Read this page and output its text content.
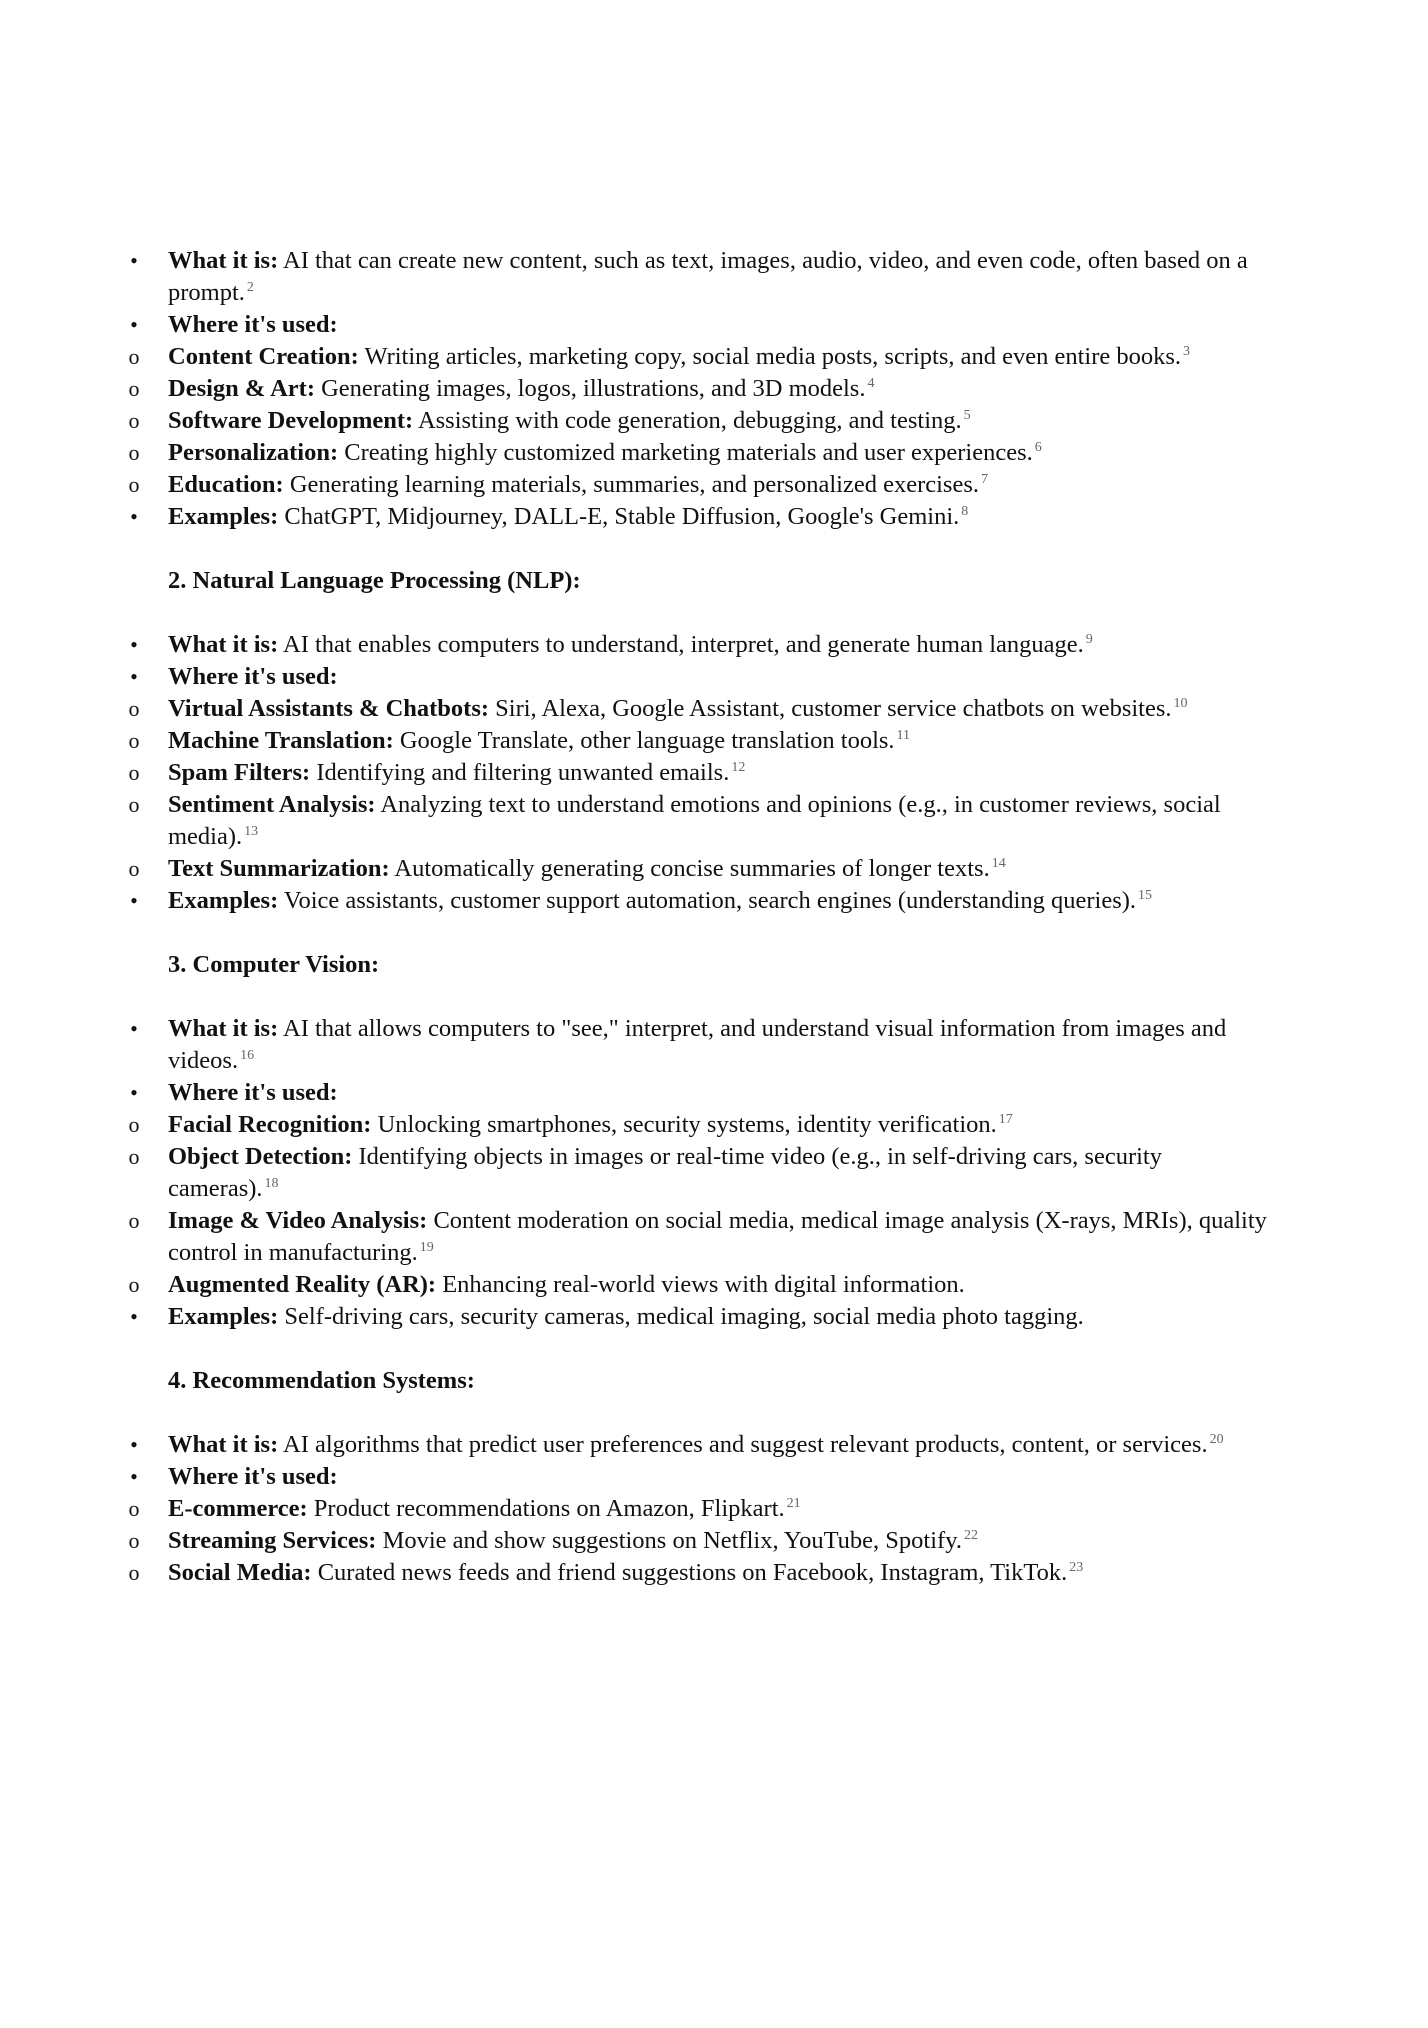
•
What it is: AI that can create new content, such as text, images, audio, video, and even code, often based on a prompt. $^2$
•
Where it's used:
o
Content Creation: Writing articles, marketing copy, social media posts, scripts, and even entire books. $^3$
o
Design & Art: Generating images, logos, illustrations, and 3D models. $^4$
o
Software Development: Assisting with code generation, debugging, and testing. $^5$
o
Personalization: Creating highly customized marketing materials and user experiences. $^6$
o
Education: Generating learning materials, summaries, and personalized exercises. $^7$
•
Examples: ChatGPT, Midjourney, DALL-E, Stable Diffusion, Google's Gemini. $^8$
2. Natural Language Processing (NLP):
•
What it is: AI that enables computers to understand, interpret, and generate human language. $^9$
•
Where it's used:
o
Virtual Assistants & Chatbots: Siri, Alexa, Google Assistant, customer service chatbots on websites. $^{10}$
o
Machine Translation: Google Translate, other language translation tools. $^{11}$
o
Spam Filters: Identifying and filtering unwanted emails. $^{12}$
o
Sentiment Analysis: Analyzing text to understand emotions and opinions (e.g., in customer reviews, social media). $^{13}$
o
Text Summarization: Automatically generating concise summaries of longer texts. $^{14}$
•
Examples: Voice assistants, customer support automation, search engines (understanding queries). $^{15}$
3. Computer Vision:
•
What it is: AI that allows computers to "see," interpret, and understand visual information from images and videos. $^{16}$
•
Where it's used:
o
Facial Recognition: Unlocking smartphones, security systems, identity verification. $^{17}$
o
Object Detection: Identifying objects in images or real-time video (e.g., in self-driving cars, security cameras). $^{18}$
o
Image & Video Analysis: Content moderation on social media, medical image analysis (X-rays, MRIs), quality control in manufacturing. $^{19}$
o
Augmented Reality (AR): Enhancing real-world views with digital information.
•
Examples: Self-driving cars, security cameras, medical imaging, social media photo tagging.
4. Recommendation Systems:
•
What it is: AI algorithms that predict user preferences and suggest relevant products, content, or services. $^{20}$
•
Where it's used:
o
E-commerce: Product recommendations on Amazon, Flipkart. $^{21}$
o
Streaming Services: Movie and show suggestions on Netflix, YouTube, Spotify. $^{22}$
o
Social Media: Curated news feeds and friend suggestions on Facebook, Instagram, TikTok. $^{23}$
